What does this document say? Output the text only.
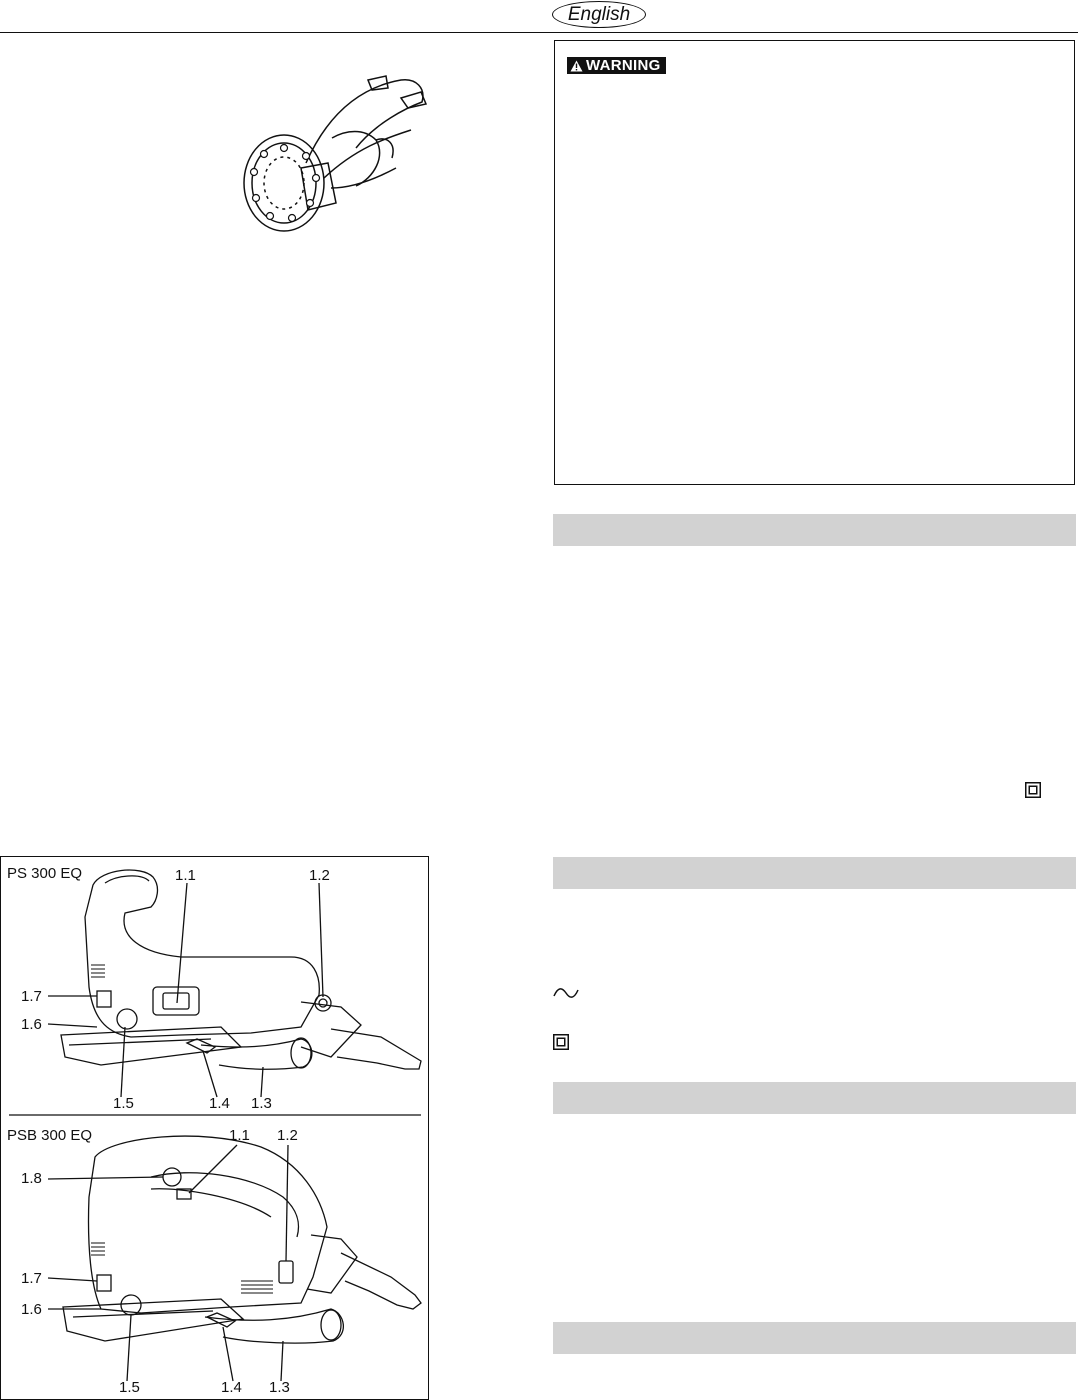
English
WARNING
PS 300 EQ	1.1	1.2
1.7
1.6
1.5	1.4 1.3
PSB 300 EQ	1.1 1.2
1.8
1.7
1.6
1.5	1.4 1.3
